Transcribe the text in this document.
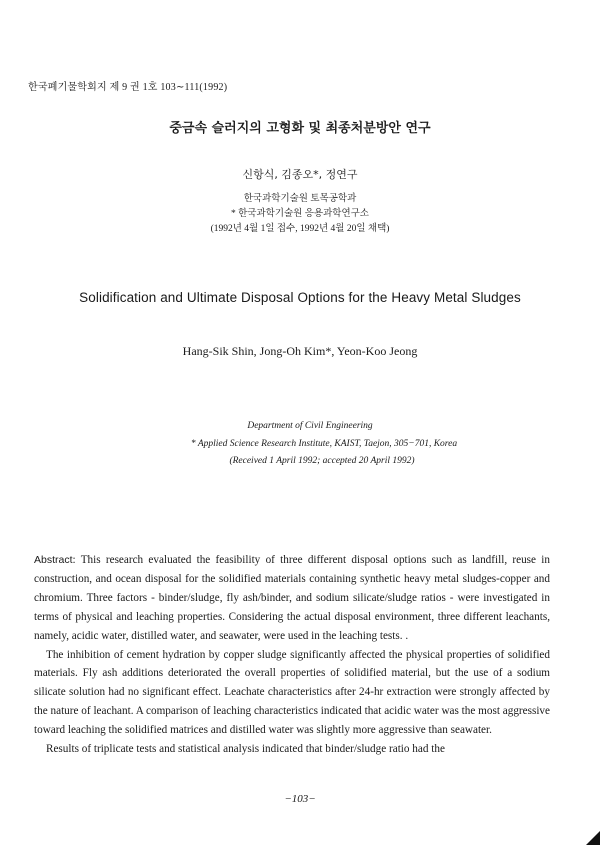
한국폐기물학회지 제 9 권 1호 103∼111(1992)
중금속 슬러지의 고형화 및 최종처분방안 연구
신항식, 김종오*, 정연구
한국과학기술원 토목공학과
* 한국과학기술원 응용과학연구소
(1992년 4월 1일 접수, 1992년 4월 20일 채택)
Solidification and Ultimate Disposal Options for the Heavy Metal Sludges
Hang-Sik Shin, Jong-Oh Kim*, Yeon-Koo Jeong
Department of Civil Engineering
* Applied Science Research Institute, KAIST, Taejon, 305−701, Korea
(Received 1 April 1992; accepted 20 April 1992)

Abstract: This research evaluated the feasibility of three different disposal options such as landfill, reuse in construction, and ocean disposal for the solidified materials containing synthetic heavy metal sludges-copper and chromium. Three factors - binder/sludge, fly ash/binder, and sodium silicate/sludge ratios - were investigated in terms of physical and leaching properties. Considering the actual disposal environment, three different leachants, namely, acidic water, distilled water, and seawater, were used in the leaching tests. .

The inhibition of cement hydration by copper sludge significantly affected the physical properties of solidified materials. Fly ash additions deteriorated the overall properties of solidified material, but the use of a sodium silicate solution had no significant effect. Leachate characteristics after 24-hr extraction were strongly affected by the nature of leachant. A comparison of leaching characteristics indicated that acidic water was the most aggressive toward leaching the solidified matrices and distilled water was slightly more aggressive than seawater.

Results of triplicate tests and statistical analysis indicated that binder/sludge ratio had the

−103−
